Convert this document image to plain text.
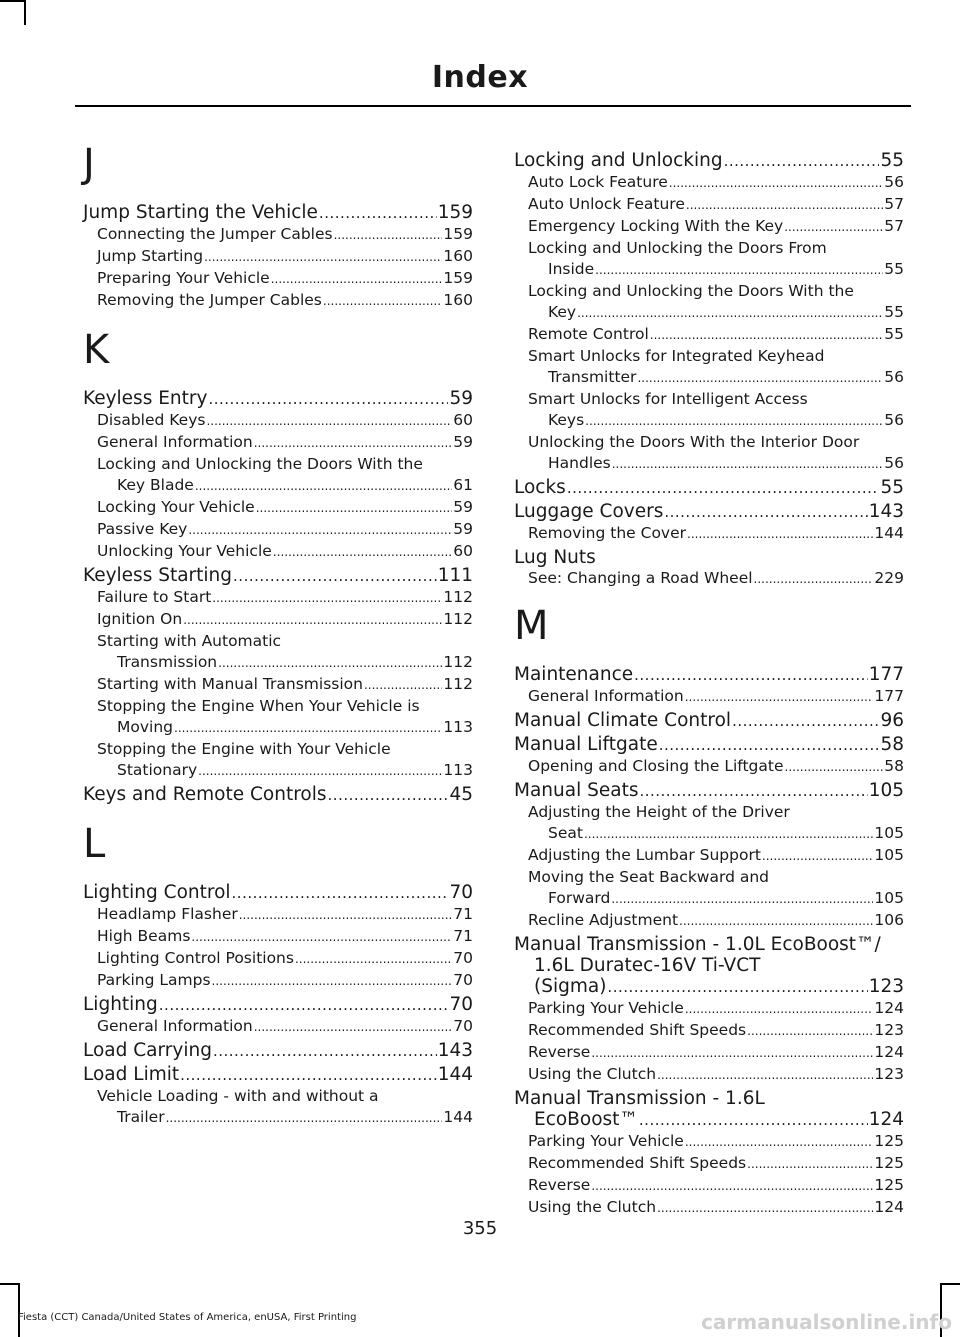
Index
J
Jump Starting the Vehicle .....	159
Connecting the Jumper Cables .....	159
Jump Starting .....	160
Preparing Your Vehicle .....	159
Removing the Jumper Cables .....	160
K
Keyless Entry .....	59
Disabled Keys .....	60
General Information .....	59
Locking and Unlocking the Doors With the
Key Blade .....	61
Locking Your Vehicle .....	59
Passive Key .....	59
Unlocking Your Vehicle .....	60
Keyless Starting .....	111
Failure to Start .....	112
Ignition On .....	112
Starting with Automatic
Transmission .....	112
Starting with Manual Transmission .....	112
Stopping the Engine When Your Vehicle is
Moving .....	113
Stopping the Engine with Your Vehicle
Stationary .....	113
Keys and Remote Controls .....	45
L
Lighting Control .....	70
Headlamp Flasher .....	71
High Beams .....	71
Lighting Control Positions .....	70
Parking Lamps .....	70
Lighting .....	70
General Information .....	70
Load Carrying .....	143
Load Limit .....	144
Vehicle Loading - with and without a
Trailer .....	144
Locking and Unlocking .....	55
Auto Lock Feature .....	56
Auto Unlock Feature .....	57
Emergency Locking With the Key .....	57
Locking and Unlocking the Doors From
Inside .....	55
Locking and Unlocking the Doors With the
Key .....	55
Remote Control .....	55
Smart Unlocks for Integrated Keyhead
Transmitter .....	56
Smart Unlocks for Intelligent Access
Keys .....	56
Unlocking the Doors With the Interior Door
Handles .....	56
Locks .....	55
Luggage Covers .....	143
Removing the Cover .....	144
Lug Nuts
See: Changing a Road Wheel .....	229
M
Maintenance .....	177
General Information .....	177
Manual Climate Control .....	96
Manual Liftgate .....	58
Opening and Closing the Liftgate .....	58
Manual Seats .....	105
Adjusting the Height of the Driver
Seat .....	105
Adjusting the Lumbar Support .....	105
Moving the Seat Backward and
Forward .....	105
Recline Adjustment .....	106
Manual Transmission - 1.0L EcoBoost™/
1.6L Duratec-16V Ti-VCT
(Sigma) .....	123
Parking Your Vehicle .....	124
Recommended Shift Speeds .....	123
Reverse .....	124
Using the Clutch .....	123
Manual Transmission - 1.6L
EcoBoost™ .....	124
Parking Your Vehicle .....	125
Recommended Shift Speeds .....	125
Reverse .....	125
Using the Clutch .....	124
355
Fiesta (CCT) Canada/United States of America, enUSA, First Printing	carmanualsonline.info
